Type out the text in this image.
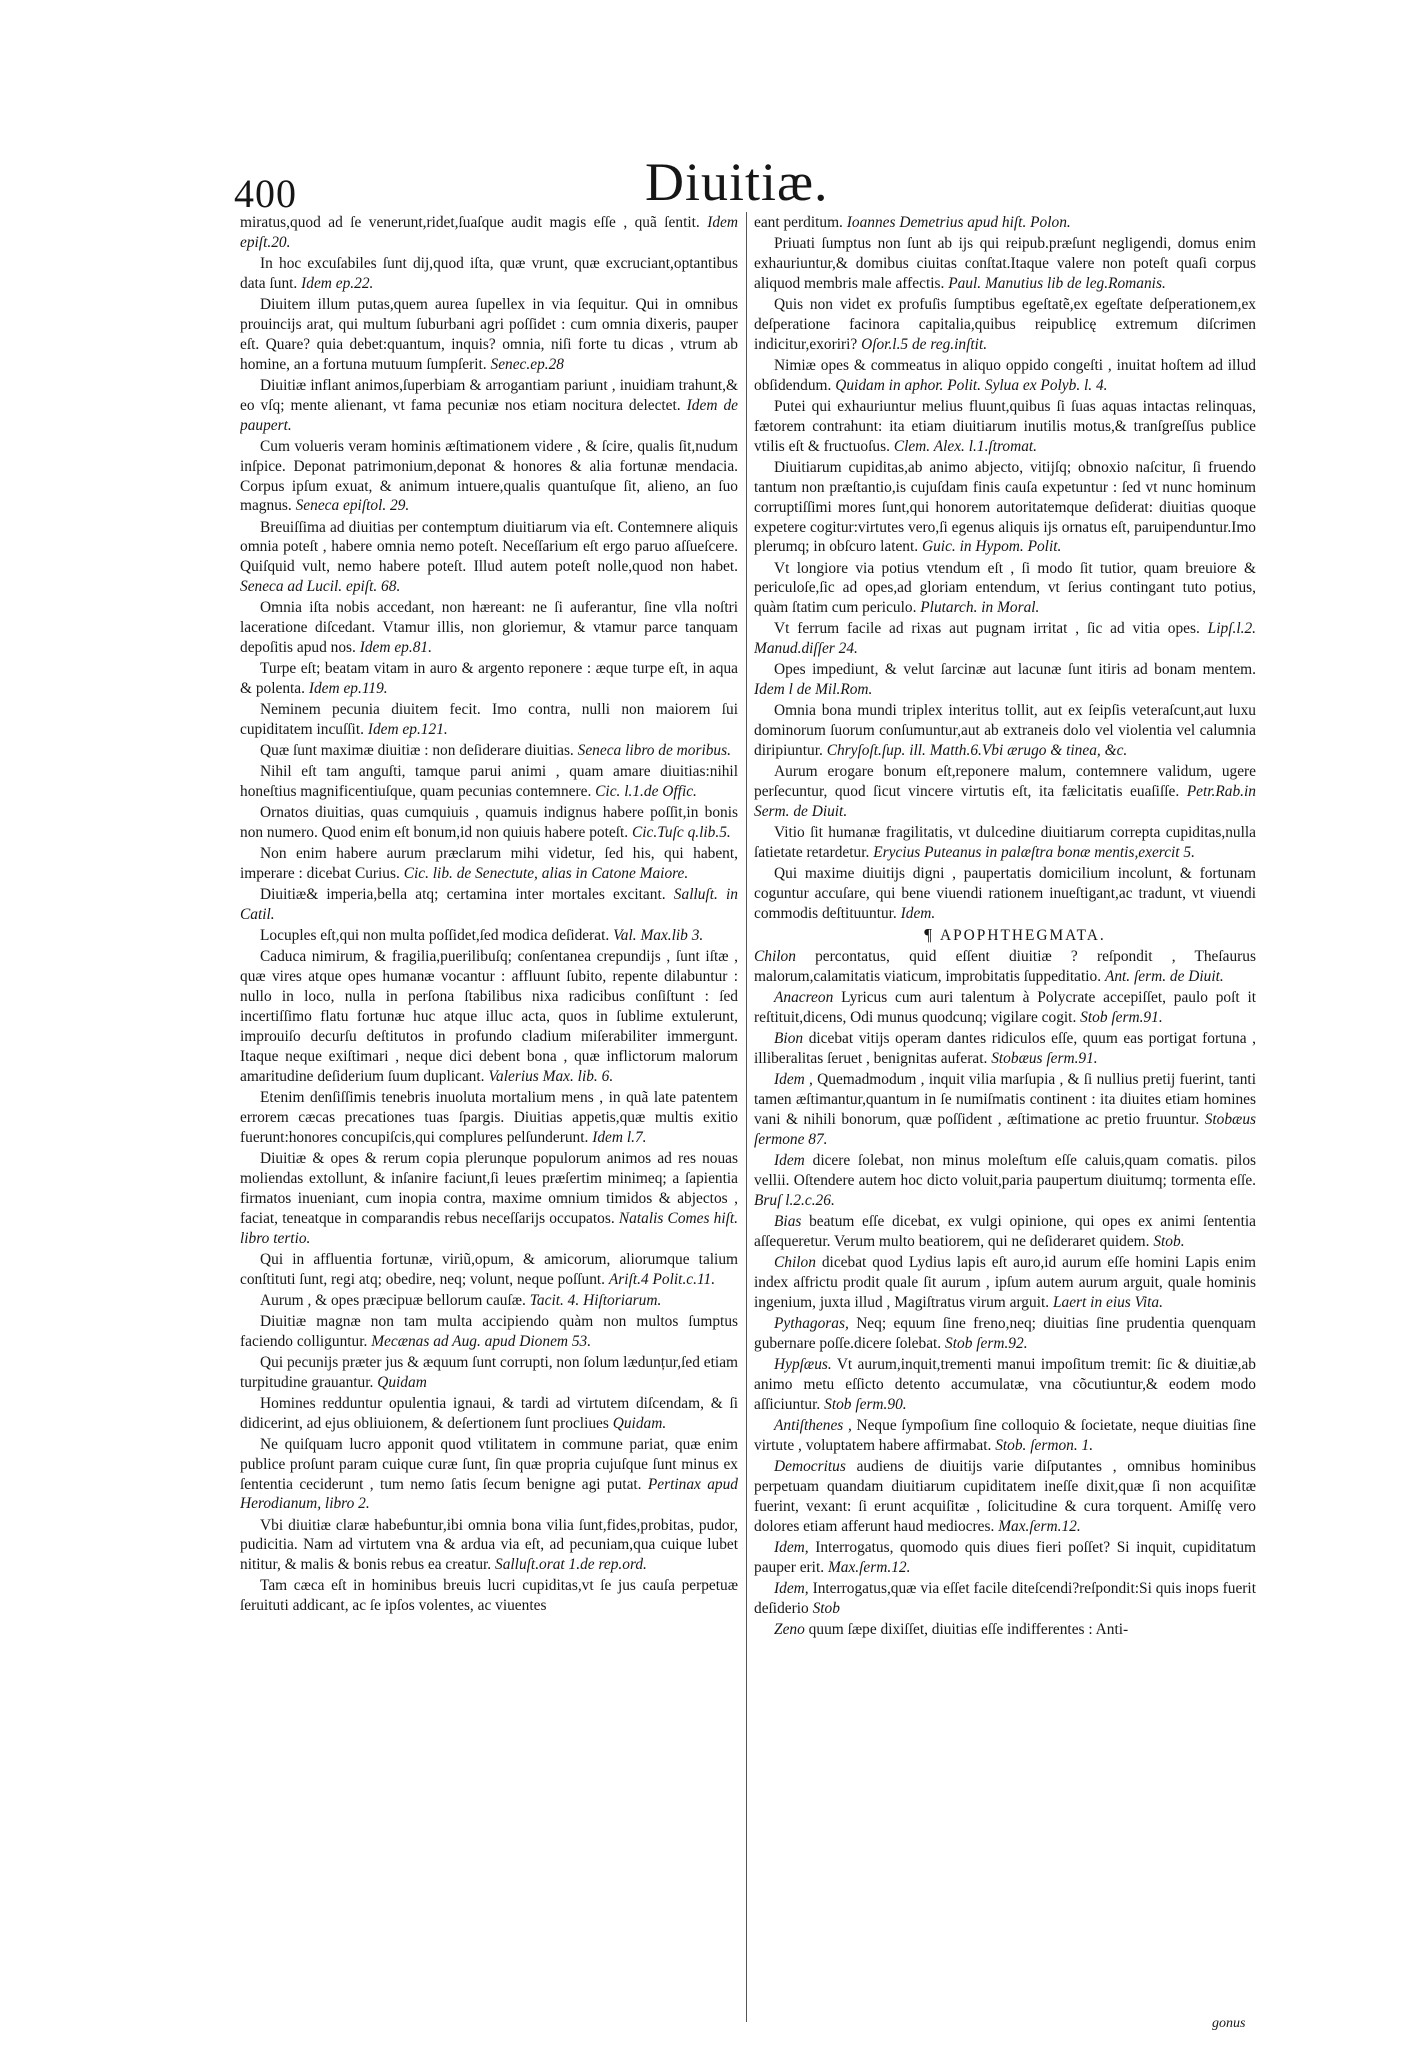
400	Diuitiæ.

miratus,quod ad ſe venerunt,ridet,ſuaſque audit magis eſſe , quã ſentit. Idem epiſt.20.

In hoc excuſabiles ſunt dij,quod iſta, quæ vrunt, quæ excruciant,optantibus data ſunt. Idem ep.22.

Diuitem illum putas,quem aurea ſupellex in via ſequitur. Qui in omnibus prouincijs arat, qui multum ſuburbani agri poſſidet : cum omnia dixeris, pauper eſt. Quare? quia debet:quantum, inquis? omnia, niſi forte tu dicas , vtrum ab homine, an a fortuna mutuum ſumpſerit. Senec.ep.28

Diuitiæ inflant animos,ſuperbiam & arrogantiam pariunt , inuidiam trahunt,& eo vſq; mente alienant, vt fama pecuniæ nos etiam nocitura delectet. Idem de paupert.

Cum volueris veram hominis æſtimationem videre , & ſcire, qualis ſit,nudum inſpice. Deponat patrimonium,deponat & honores & alia fortunæ mendacia. Corpus ipſum exuat, & animum intuere,qualis quantuſque ſit, alieno, an ſuo magnus. Seneca epiſtol. 29.

Breuiſſima ad diuitias per contemptum diuitiarum via eſt. Contemnere aliquis omnia poteſt , habere omnia nemo poteſt. Neceſſarium eſt ergo paruo aſſueſcere. Quiſquid vult, nemo habere poteſt. Illud autem poteſt nolle,quod non habet. Seneca ad Lucil. epiſt. 68.

Omnia iſta nobis accedant, non hæreant: ne ſi auferantur, ſine vlla noſtri laceratione diſcedant. Vtamur illis, non gloriemur, & vtamur parce tanquam depoſitis apud nos. Idem ep.81.

Turpe eſt; beatam vitam in auro & argento reponere : æque turpe eſt, in aqua & polenta. Idem ep.119.

Neminem pecunia diuitem fecit. Imo contra, nulli non maiorem ſui cupiditatem incuſſit. Idem ep.121.

Quæ ſunt maximæ diuitiæ : non deſiderare diuitias. Seneca libro de moribus.

Nihil eſt tam anguſti, tamque parui animi , quam amare diuitias:nihil honeſtius magnificentiuſque, quam pecunias contemnere. Cic. l.1.de Offic.

Ornatos diuitias, quas cumquiuis , quamuis indignus habere poſſit,in bonis non numero. Quod enim eſt bonum,id non quiuis habere poteſt. Cic.Tuſc q.lib.5.

Non enim habere aurum præclarum mihi videtur, ſed his, qui habent, imperare : dicebat Curius. Cic. lib. de Senectute, alias in Catone Maiore.

Diuitiæ& imperia,bella atq; certamina inter mortales excitant. Salluſt. in Catil.

Locuples eſt,qui non multa poſſidet,ſed modica deſiderat. Val. Max.lib 3.

Caduca nimirum, & fragilia,puerilibuſq; conſentanea crepundijs , ſunt iſtæ , quæ vires atque opes humanæ vocantur : affluunt ſubito, repente dilabuntur : nullo in loco, nulla in perſona ſtabilibus nixa radicibus conſiſtunt : ſed incertiſſimo flatu fortunæ huc atque illuc acta, quos in ſublime extulerunt, improuiſo decurſu deſtitutos in profundo cladium miſerabiliter immergunt. Itaque neque exiſtimari , neque dici debent bona , quæ inflictorum malorum amaritudine deſiderium ſuum duplicant. Valerius Max. lib. 6.

Etenim denſiſſimis tenebris inuoluta mortalium mens , in quã late patentem errorem cæcas precationes tuas ſpargis. Diuitias appetis,quæ multis exitio fuerunt:honores concupiſcis,qui complures pelſunderunt. Idem l.7.

Diuitiæ & opes & rerum copia plerunque populorum animos ad res nouas moliendas extollunt, & inſanire faciunt,ſi leues præſertim minimeq; a ſapientia firmatos inueniant, cum inopia contra, maxime omnium timidos & abjectos , faciat, teneatque in comparandis rebus neceſſarijs occupatos. Natalis Comes hiſt. libro tertio.

Qui in affluentia fortunæ, viriũ,opum, & amicorum, aliorumque talium conſtituti ſunt, regi atq; obedire, neq; volunt, neque poſſunt. Ariſt.4 Polit.c.11.

Aurum , & opes præcipuæ bellorum cauſæ. Tacit. 4. Hiſtoriarum.

Diuitiæ magnæ non tam multa accipiendo quàm non multos ſumptus faciendo colliguntur. Mecænas ad Aug. apud Dionem 53.

Qui pecunijs præter jus & æquum ſunt corrupti, non ſolum lædunțur,ſed etiam turpitudine grauantur. Quidam

Homines redduntur opulentia ignaui, & tardi ad virtutem diſcendam, & ſi didicerint, ad ejus obliuionem, & deſertionem ſunt procliues Quidam.

Ne quiſquam lucro apponit quod vtilitatem in commune pariat, quæ enim publice proſunt param cuique curæ ſunt, ſin quæ propria cujuſque ſunt minus ex ſententia ceciderunt , tum nemo ſatis ſecum benigne agi putat. Pertinax apud Herodianum, libro 2.

Vbi diuitiæ claræ habeɓuntur,ibi omnia bona vilia ſunt,fides,probitas, pudor, pudicitia. Nam ad virtutem vna & ardua via eſt, ad pecuniam,qua cuique lubet nititur, & malis & bonis rebus ea creatur. Salluſt.orat 1.de rep.ord.

Tam cæca eſt in hominibus breuis lucri cupiditas,vt ſe jus cauſa perpetuæ ſeruituti addicant, ac ſe ipſos volentes, ac viuentes

eant perditum. Ioannes Demetrius apud hiſt. Polon.

Priuati ſumptus non ſunt ab ijs qui reipub.præſunt negligendi, domus enim exhauriuntur,& domibus ciuitas conſtat.Itaque valere non poteſt quaſi corpus aliquod membris male affectis. Paul. Manutius lib de leg.Romanis.

Quis non videt ex profuſis ſumptibus egeſtatẽ,ex egeſtate deſperationem,ex deſperatione facinora capitalia,quibus reipublicę extremum diſcrimen indicitur,exoriri? Oſor.l.5 de reg.inſtit.

Nimiæ opes & commeatus in aliquo oppido congeſti , inuitat hoſtem ad illud obſidendum. Quidam in aphor. Polit. Sylua ex Polyb. l. 4.

Putei qui exhauriuntur melius fluunt,quibus ſi ſuas aquas intactas relinquas, fætorem contrahunt: ita etiam diuitiarum inutilis motus,& tranſgreſſus publice vtilis eſt & fructuoſus. Clem. Alex. l.1.ſtromat.

Diuitiarum cupiditas,ab animo abjecto, vitijſq; obnoxio naſcitur, ſi fruendo tantum non præſtantio,is cujuſdam finis cauſa expetuntur : ſed vt nunc hominum corruptiſſimi mores ſunt,qui honorem autoritatemque deſiderat: diuitias quoque expetere cogitur:virtutes vero,ſi egenus aliquis ijs ornatus eſt, paruipenduntur.Imo plerumq; in obſcuro latent. Guic. in Hypom. Polit.

Vt longiore via potius vtendum eſt , ſi modo ſit tutior, quam breuiore & periculoſe,ſic ad opes,ad gloriam entendum, vt ſerius contingant tuto potius, quàm ſtatim cum periculo. Plutarch. in Moral.

Vt ferrum facile ad rixas aut pugnam irritat , ſic ad vitia opes. Lipſ.l.2. Manud.diſſer 24.

Opes impediunt, & velut ſarcinæ aut lacunæ ſunt itiris ad bonam mentem. Idem l de Mil.Rom.

Omnia bona mundi triplex interitus tollit, aut ex ſeipſis veteraſcunt,aut luxu dominorum ſuorum conſumuntur,aut ab extraneis dolo vel violentia vel calumnia diripiuntur. Chryſoſt.ſup. ill. Matth.6.Vbi ærugo & tinea, &c.

Aurum erogare bonum eſt,reponere malum, contemnere validum, ugere perſecuntur, quod ſicut vincere virtutis eſt, ita fælicitatis euaſiſſe. Petr.Rab.in Serm. de Diuit.

Vitio ſit humanæ fragilitatis, vt dulcedine diuitiarum correpta cupiditas,nulla ſatietate retardetur. Erycius Puteanus in palæſtra bonæ mentis,exercit 5.

Qui maxime diuitijs digni , paupertatis domicilium incolunt, & fortunam coguntur accuſare, qui bene viuendi rationem inueſtigant,ac tradunt, vt viuendi commodis deſtituuntur. Idem.

¶ APOPHTHEGMATA.

Chilon percontatus, quid eſſent diuitiæ ? reſpondit , Theſaurus malorum,calamitatis viaticum, improbitatis ſuppeditatio. Ant. ſerm. de Diuit.

Anacreon Lyricus cum auri talentum à Polycrate accepiſſet, paulo poſt it reſtituit,dicens, Odi munus quodcunq; vigilare cogit. Stob ſerm.91.

Bion dicebat vitijs operam dantes ridiculos eſſe, quum eas portigat fortuna , illiberalitas ſeruet , benignitas auferat. Stobæus ſerm.91.

Idem , Quemadmodum , inquit vilia marſupia , & ſi nullius pretij fuerint, tanti tamen æſtimantur,quantum in ſe numiſmatis continent : ita diuites etiam homines vani & nihili bonorum, quæ poſſident , æſtimatione ac pretio fruuntur. Stobæus ſermone 87.

Idem dicere ſolebat, non minus moleſtum eſſe caluis,quam comatis. pilos vellii. Oſtendere autem hoc dicto voluit,paria paupertum diuitumq; tormenta eſſe. Bruſ l.2.c.26.

Bias beatum eſſe dicebat, ex vulgi opinione, qui opes ex animi ſententia aſſequeretur. Verum multo beatiorem, qui ne deſideraret quidem. Stob.

Chilon dicebat quod Lydius lapis eſt auro,id aurum eſſe homini Lapis enim index aſfrictu prodit quale ſit aurum , ipſum autem aurum arguit, quale hominis ingenium, juxta illud , Magiſtratus virum arguit. Laert in eius Vita.

Pythagoras, Neq; equum ſine freno,neq; diuitias ſine prudentia quenquam gubernare poſſe.dicere ſolebat. Stob ſerm.92.

Hypſæus. Vt aurum,inquit,trementi manui impoſitum tremit: ſic & diuitiæ,ab animo metu eſſicto detento accumulatæ, vna cõcutiuntur,& eodem modo aſſiciuntur. Stob ſerm.90.

Antiſthenes , Neque ſympoſium ſine colloquio & ſocietate, neque diuitias ſine virtute , voluptatem habere affirmabat. Stob. ſermon. 1.

Democritus audiens de diuitijs varie diſputantes , omnibus hominibus perpetuam quandam diuitiarum cupiditatem ineſſe dixit,quæ ſi non acquiſitæ fuerint, vexant: ſi erunt acquiſitæ , ſolicitudine & cura torquent. Amiſſę vero dolores etiam afferunt haud mediocres. Max.ſerm.12.

Idem, Interrogatus, quomodo quis diues fieri poſſet? Si inquit, cupiditatum pauper erit. Max.ſerm.12.

Idem, Interrogatus,quæ via eſſet facile diteſcendi?reſpondit:Si quis inops fuerit deſiderio Stob

Zeno quum ſæpe dixiſſet, diuitias eſſe indifferentes : Anti-

gonus
